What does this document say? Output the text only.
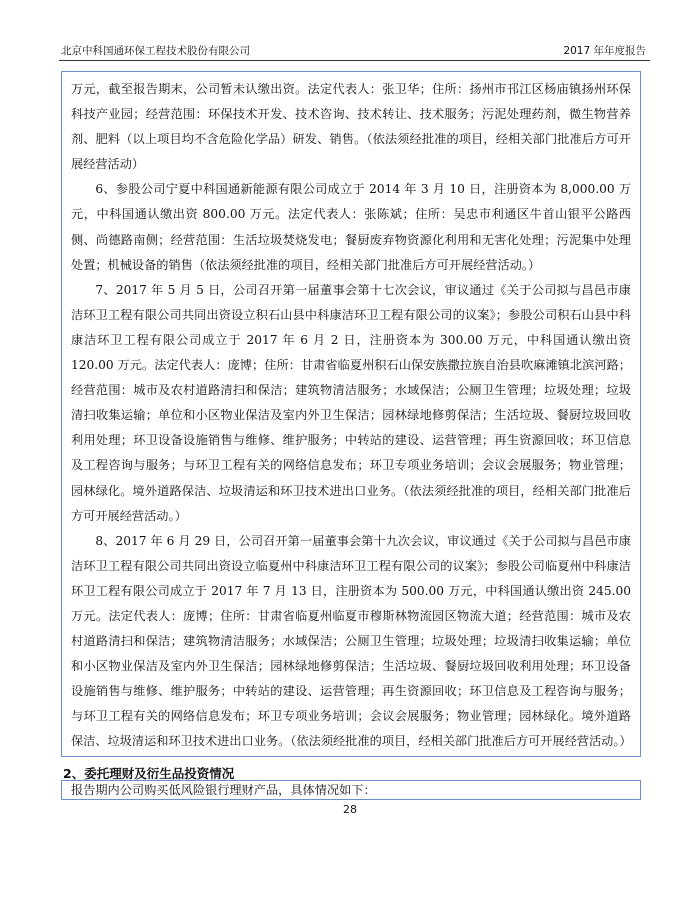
北京中科国通环保工程技术股份有限公司	2017 年年度报告

万元，截至报告期末，公司暂未认缴出资。法定代表人：张卫华；住所：扬州市邗江区杨庙镇扬州环保科技产业园；经营范围：环保技术开发、技术咨询、技术转让、技术服务；污泥处理药剂，微生物营养剂、肥料（以上项目均不含危险化学品）研发、销售。（依法须经批准的项目，经相关部门批准后方可开展经营活动）

6、参股公司宁夏中科国通新能源有限公司成立于 2014 年 3 月 10 日，注册资本为 8,000.00 万元，中科国通认缴出资 800.00 万元。法定代表人：张陈斌；住所：吴忠市利通区牛首山银平公路西侧、尚德路南侧；经营范围：生活垃圾焚烧发电；餐厨废弃物资源化利用和无害化处理；污泥集中处理处置；机械设备的销售（依法须经批准的项目，经相关部门批准后方可开展经营活动。）

7、2017 年 5 月 5 日，公司召开第一届董事会第十七次会议，审议通过《关于公司拟与昌邑市康洁环卫工程有限公司共同出资设立积石山县中科康洁环卫工程有限公司的议案》；参股公司积石山县中科康洁环卫工程有限公司成立于 2017 年 6 月 2 日，注册资本为 300.00 万元，中科国通认缴出资 120.00 万元。法定代表人：庞博；住所：甘肃省临夏州积石山保安族撒拉族自治县吹麻滩镇北滨河路；经营范围：城市及农村道路清扫和保洁；建筑物清洁服务；水域保洁；公厕卫生管理；垃圾处理；垃圾清扫收集运输；单位和小区物业保洁及室内外卫生保洁；园林绿地修剪保洁；生活垃圾、餐厨垃圾回收利用处理；环卫设备设施销售与维修、维护服务；中转站的建设、运营管理；再生资源回收；环卫信息及工程咨询与服务；与环卫工程有关的网络信息发布；环卫专项业务培训；会议会展服务；物业管理；园林绿化。境外道路保洁、垃圾清运和环卫技术进出口业务。（依法须经批准的项目，经相关部门批准后方可开展经营活动。）

8、2017 年 6 月 29 日，公司召开第一届董事会第十九次会议，审议通过《关于公司拟与昌邑市康洁环卫工程有限公司共同出资设立临夏州中科康洁环卫工程有限公司的议案》；参股公司临夏州中科康洁环卫工程有限公司成立于 2017 年 7 月 13 日，注册资本为 500.00 万元，中科国通认缴出资 245.00 万元。法定代表人：庞博；住所：甘肃省临夏州临夏市穆斯林物流园区物流大道；经营范围：城市及农村道路清扫和保洁；建筑物清洁服务；水域保洁；公厕卫生管理；垃圾处理；垃圾清扫收集运输；单位和小区物业保洁及室内外卫生保洁；园林绿地修剪保洁；生活垃圾、餐厨垃圾回收利用处理；环卫设备设施销售与维修、维护服务；中转站的建设、运营管理；再生资源回收；环卫信息及工程咨询与服务；与环卫工程有关的网络信息发布；环卫专项业务培训；会议会展服务；物业管理；园林绿化。境外道路保洁、垃圾清运和环卫技术进出口业务。（依法须经批准的项目，经相关部门批准后方可开展经营活动。）

2、委托理财及衍生品投资情况

报告期内公司购买低风险银行理财产品，具体情况如下：

28
